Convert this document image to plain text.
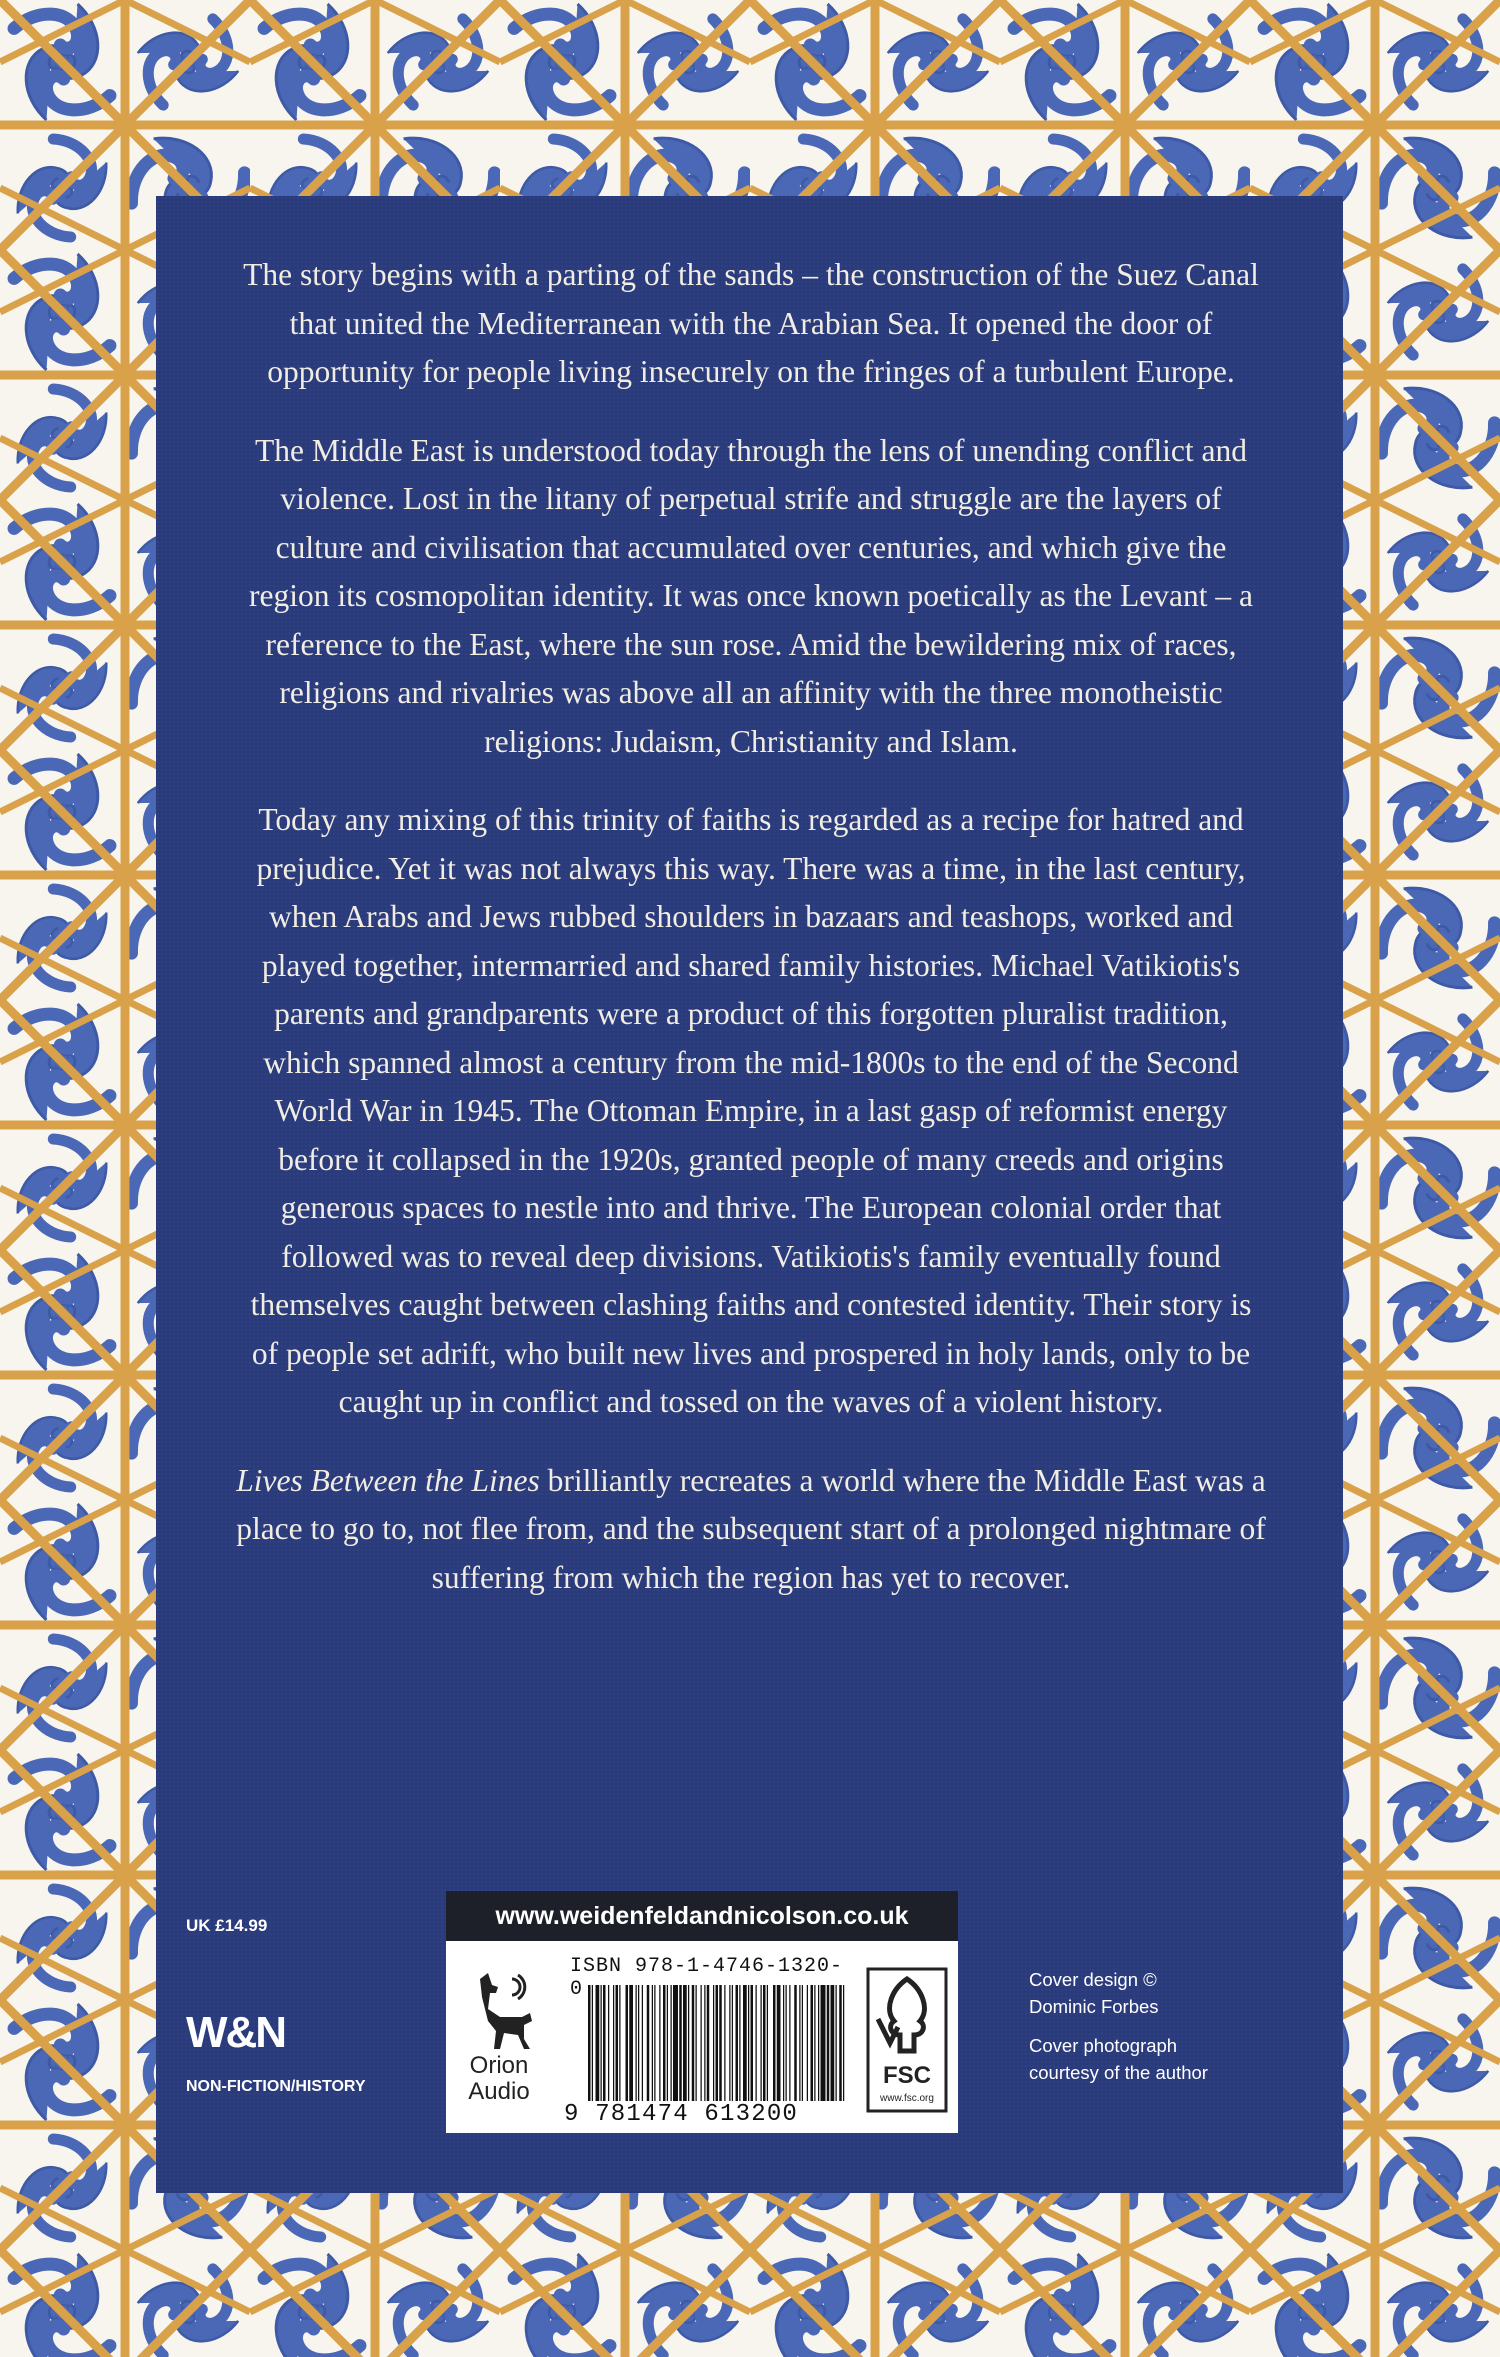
The story begins with a parting of the sands – the construction of the Suez Canal that united the Mediterranean with the Arabian Sea. It opened the door of opportunity for people living insecurely on the fringes of a turbulent Europe.

The Middle East is understood today through the lens of unending conflict and violence. Lost in the litany of perpetual strife and struggle are the layers of culture and civilisation that accumulated over centuries, and which give the region its cosmopolitan identity. It was once known poetically as the Levant – a reference to the East, where the sun rose. Amid the bewildering mix of races, religions and rivalries was above all an affinity with the three monotheistic religions: Judaism, Christianity and Islam.

Today any mixing of this trinity of faiths is regarded as a recipe for hatred and prejudice. Yet it was not always this way. There was a time, in the last century, when Arabs and Jews rubbed shoulders in bazaars and teashops, worked and played together, intermarried and shared family histories. Michael Vatikiotis's parents and grandparents were a product of this forgotten pluralist tradition, which spanned almost a century from the mid-1800s to the end of the Second World War in 1945. The Ottoman Empire, in a last gasp of reformist energy before it collapsed in the 1920s, granted people of many creeds and origins generous spaces to nestle into and thrive. The European colonial order that followed was to reveal deep divisions. Vatikiotis's family eventually found themselves caught between clashing faiths and contested identity. Their story is of people set adrift, who built new lives and prospered in holy lands, only to be caught up in conflict and tossed on the waves of a violent history.

Lives Between the Lines brilliantly recreates a world where the Middle East was a place to go to, not flee from, and the subsequent start of a prolonged nightmare of suffering from which the region has yet to recover.

UK £14.99
W&N
NON-FICTION/HISTORY
www.weidenfeldandnicolson.co.uk
Orion
Audio
ISBN 978-1-4746-1320-0
9 781474 613200
FSC
www.fsc.org
Cover design ©
Dominic Forbes
Cover photograph
courtesy of the author
